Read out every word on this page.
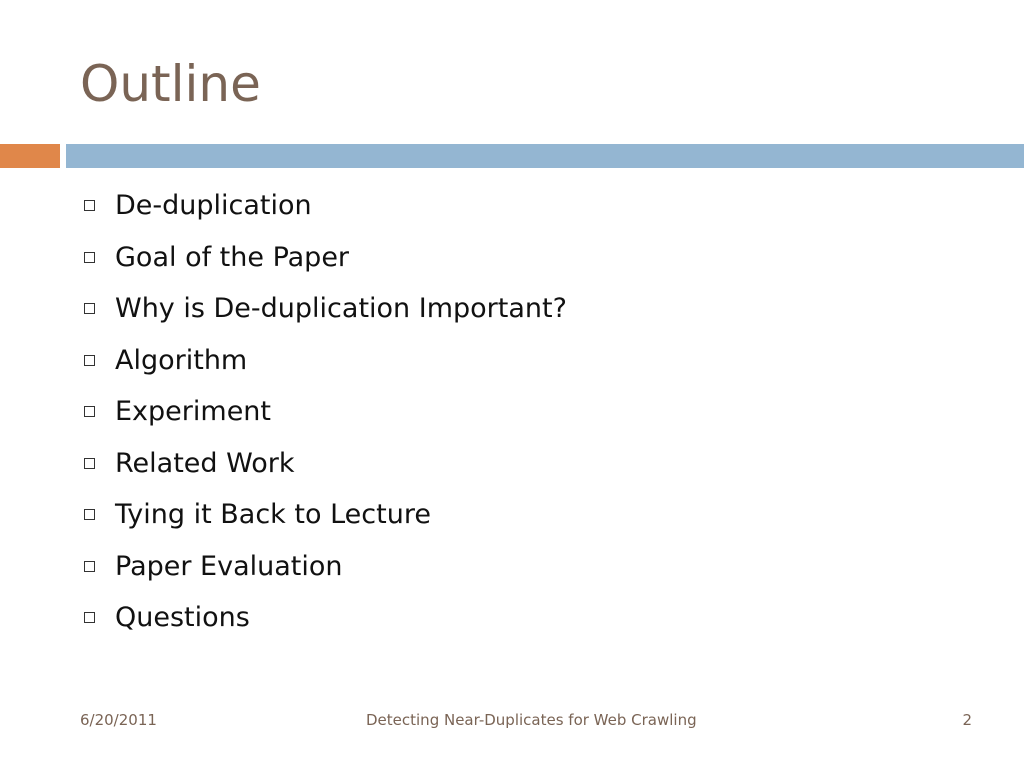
Outline
De-duplication
Goal of the Paper
Why is De-duplication Important?
Algorithm
Experiment
Related Work
Tying it Back to Lecture
Paper Evaluation
Questions
6/20/2011	Detecting Near-Duplicates for Web Crawling	2
